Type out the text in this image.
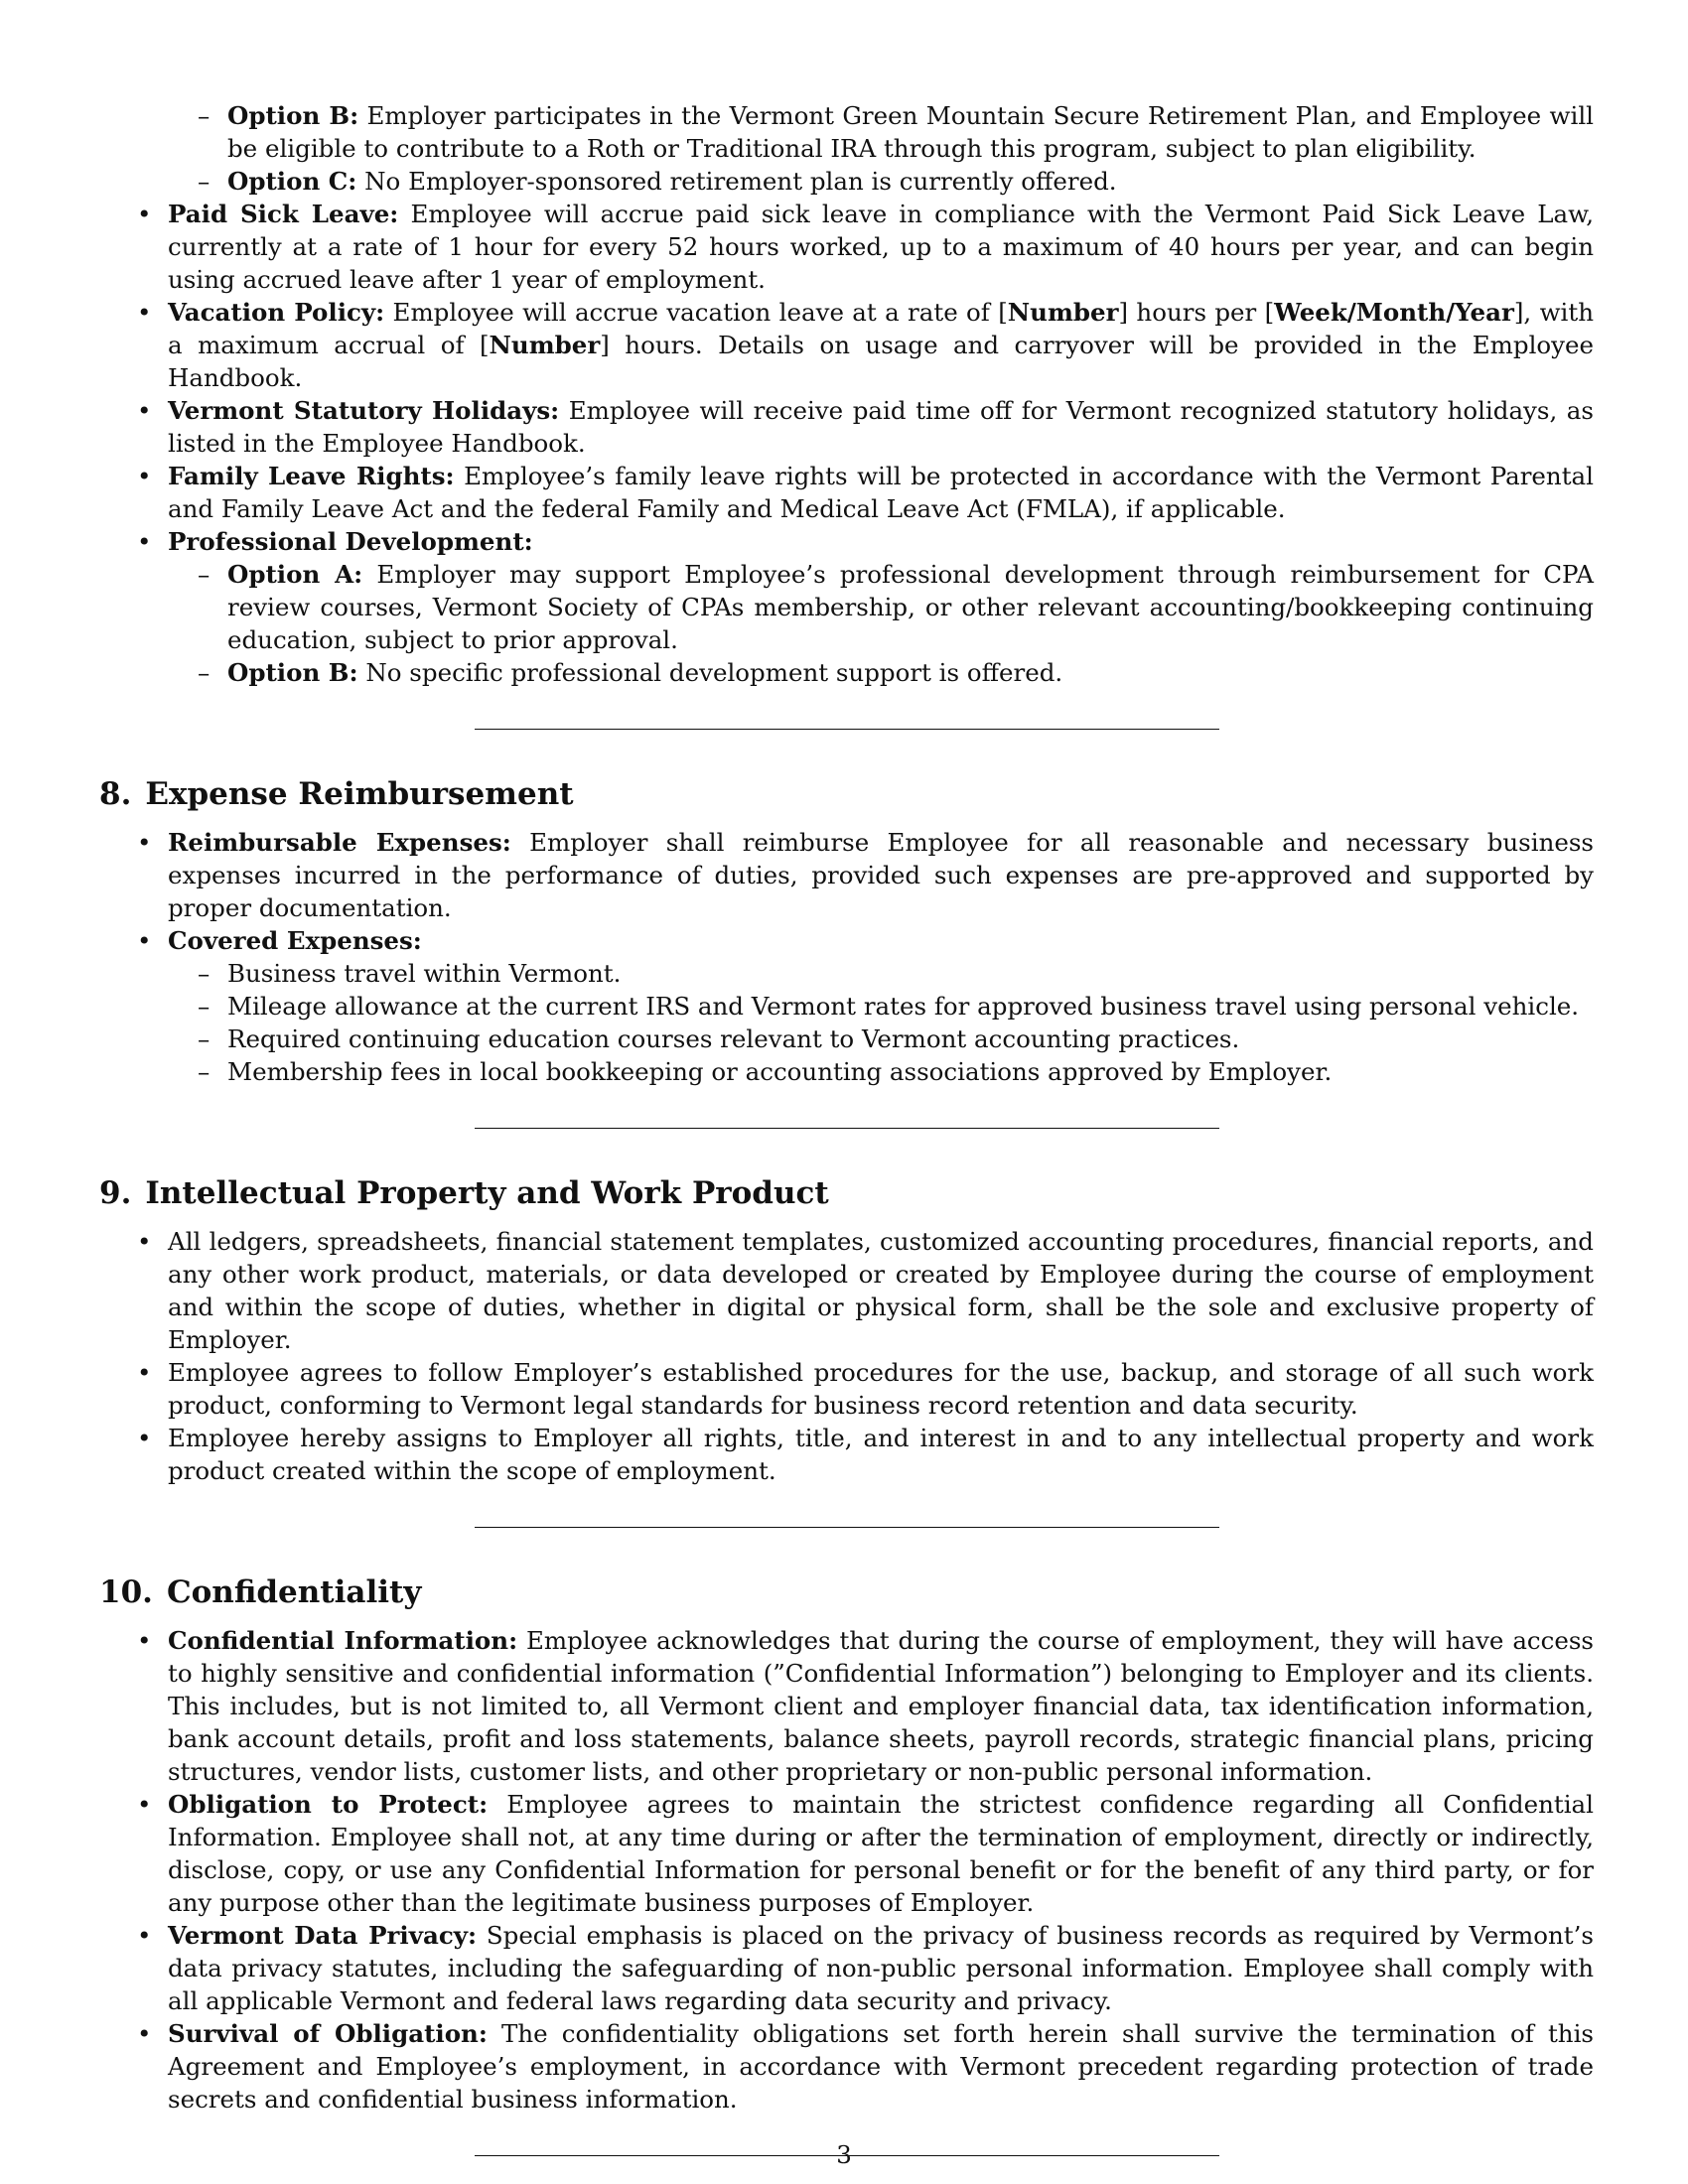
– Option B: Employer participates in the Vermont Green Mountain Secure Retirement Plan, and Employee will be eligible to contribute to a Roth or Traditional IRA through this program, subject to plan eligibility.
– Option C: No Employer-sponsored retirement plan is currently offered.
• Paid Sick Leave: Employee will accrue paid sick leave in compliance with the Vermont Paid Sick Leave Law, currently at a rate of 1 hour for every 52 hours worked, up to a maximum of 40 hours per year, and can begin using accrued leave after 1 year of employment.
• Vacation Policy: Employee will accrue vacation leave at a rate of [Number] hours per [Week/Month/Year], with a maximum accrual of [Number] hours. Details on usage and carryover will be provided in the Employee Handbook.
• Vermont Statutory Holidays: Employee will receive paid time off for Vermont recognized statutory holidays, as listed in the Employee Handbook.
• Family Leave Rights: Employee’s family leave rights will be protected in accordance with the Vermont Parental and Family Leave Act and the federal Family and Medical Leave Act (FMLA), if applicable.
• Professional Development:
– Option A: Employer may support Employee’s professional development through reimbursement for CPA review courses, Vermont Society of CPAs membership, or other relevant accounting/bookkeeping continuing education, subject to prior approval.
– Option B: No specific professional development support is offered.
8. Expense Reimbursement
• Reimbursable Expenses: Employer shall reimburse Employee for all reasonable and necessary business expenses incurred in the performance of duties, provided such expenses are pre-approved and supported by proper documentation.
• Covered Expenses:
– Business travel within Vermont.
– Mileage allowance at the current IRS and Vermont rates for approved business travel using personal vehicle.
– Required continuing education courses relevant to Vermont accounting practices.
– Membership fees in local bookkeeping or accounting associations approved by Employer.
9. Intellectual Property and Work Product
• All ledgers, spreadsheets, financial statement templates, customized accounting procedures, financial reports, and any other work product, materials, or data developed or created by Employee during the course of employment and within the scope of duties, whether in digital or physical form, shall be the sole and exclusive property of Employer.
• Employee agrees to follow Employer’s established procedures for the use, backup, and storage of all such work product, conforming to Vermont legal standards for business record retention and data security.
• Employee hereby assigns to Employer all rights, title, and interest in and to any intellectual property and work product created within the scope of employment.
10. Confidentiality
• Confidential Information: Employee acknowledges that during the course of employment, they will have access to highly sensitive and confidential information (”Confidential Information”) belonging to Employer and its clients. This includes, but is not limited to, all Vermont client and employer financial data, tax identification information, bank account details, profit and loss statements, balance sheets, payroll records, strategic financial plans, pricing structures, vendor lists, customer lists, and other proprietary or non-public personal information.
• Obligation to Protect: Employee agrees to maintain the strictest confidence regarding all Confidential Information. Employee shall not, at any time during or after the termination of employment, directly or indirectly, disclose, copy, or use any Confidential Information for personal benefit or for the benefit of any third party, or for any purpose other than the legitimate business purposes of Employer.
• Vermont Data Privacy: Special emphasis is placed on the privacy of business records as required by Vermont’s data privacy statutes, including the safeguarding of non-public personal information. Employee shall comply with all applicable Vermont and federal laws regarding data security and privacy.
• Survival of Obligation: The confidentiality obligations set forth herein shall survive the termination of this Agreement and Employee’s employment, in accordance with Vermont precedent regarding protection of trade secrets and confidential business information.
3
